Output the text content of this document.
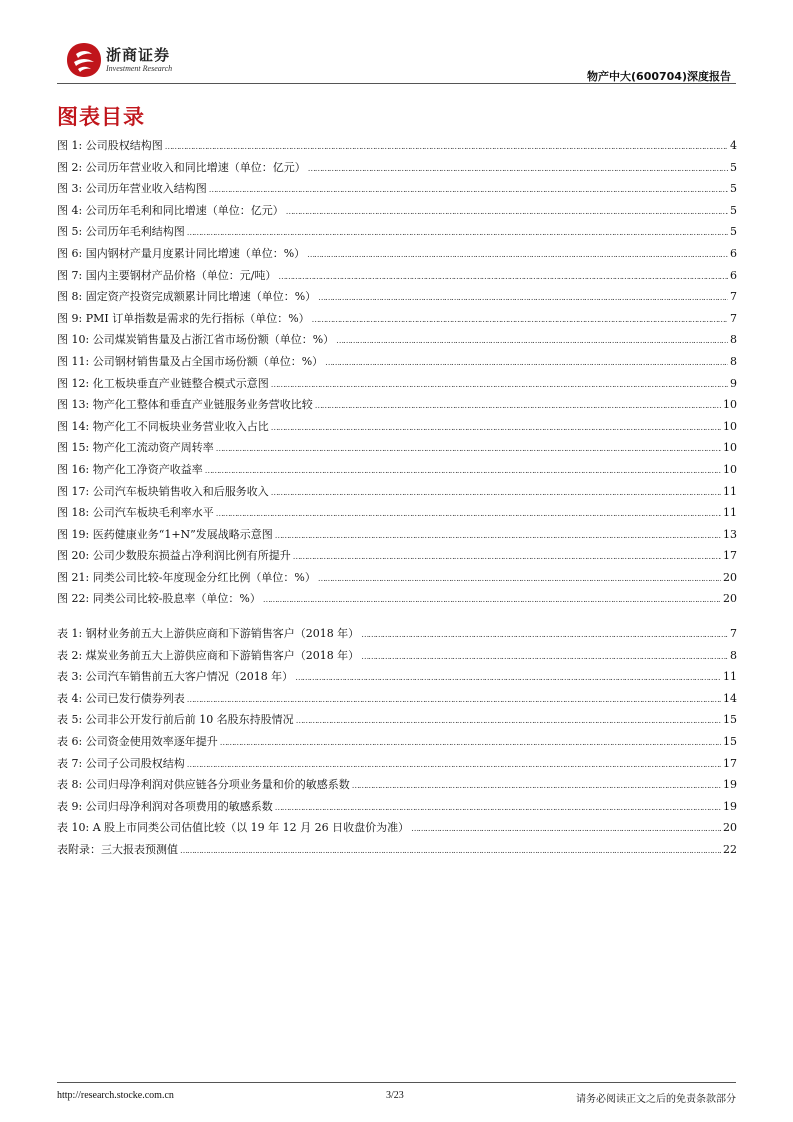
浙商证券
Investment Research
物产中大(600704)深度报告
图表目录
图 1: 公司股权结构图 ……………………………………………………………………………………………………………………………………………………………………………………………………………………………………………………………………………………	4
图 2: 公司历年营业收入和同比增速（单位：亿元） ……………………………………………………………………………………………………………………………………………………………………………………………………………………………………………………………………………………	5
图 3: 公司历年营业收入结构图 ……………………………………………………………………………………………………………………………………………………………………………………………………………………………………………………………………………………	5
图 4: 公司历年毛利和同比增速（单位：亿元） ……………………………………………………………………………………………………………………………………………………………………………………………………………………………………………………………………………………	5
图 5: 公司历年毛利结构图 ……………………………………………………………………………………………………………………………………………………………………………………………………………………………………………………………………………………	5
图 6: 国内钢材产量月度累计同比增速（单位：%） ……………………………………………………………………………………………………………………………………………………………………………………………………………………………………………………………………………………	6
图 7: 国内主要钢材产品价格（单位：元/吨） ……………………………………………………………………………………………………………………………………………………………………………………………………………………………………………………………………………………	6
图 8: 固定资产投资完成额累计同比增速（单位：%） ……………………………………………………………………………………………………………………………………………………………………………………………………………………………………………………………………………………	7
图 9: PMI 订单指数是需求的先行指标（单位：%） ……………………………………………………………………………………………………………………………………………………………………………………………………………………………………………………………………………………	7
图 10: 公司煤炭销售量及占浙江省市场份额（单位：%） ……………………………………………………………………………………………………………………………………………………………………………………………………………………………………………………………………………………	8
图 11: 公司钢材销售量及占全国市场份额（单位：%） ……………………………………………………………………………………………………………………………………………………………………………………………………………………………………………………………………………………	8
图 12: 化工板块垂直产业链整合模式示意图 ……………………………………………………………………………………………………………………………………………………………………………………………………………………………………………………………………………………	9
图 13: 物产化工整体和垂直产业链服务业务营收比较 ……………………………………………………………………………………………………………………………………………………………………………………………………………………………………………………………………………………	10
图 14: 物产化工不同板块业务营业收入占比 ……………………………………………………………………………………………………………………………………………………………………………………………………………………………………………………………………………………	10
图 15: 物产化工流动资产周转率 ……………………………………………………………………………………………………………………………………………………………………………………………………………………………………………………………………………………	10
图 16: 物产化工净资产收益率 ……………………………………………………………………………………………………………………………………………………………………………………………………………………………………………………………………………………	10
图 17: 公司汽车板块销售收入和后服务收入 ……………………………………………………………………………………………………………………………………………………………………………………………………………………………………………………………………………………	11
图 18: 公司汽车板块毛利率水平 ……………………………………………………………………………………………………………………………………………………………………………………………………………………………………………………………………………………	11
图 19: 医药健康业务“1+N”发展战略示意图 ……………………………………………………………………………………………………………………………………………………………………………………………………………………………………………………………………………………	13
图 20: 公司少数股东损益占净利润比例有所提升 ……………………………………………………………………………………………………………………………………………………………………………………………………………………………………………………………………………………	17
图 21: 同类公司比较-年度现金分红比例（单位：%） ……………………………………………………………………………………………………………………………………………………………………………………………………………………………………………………………………………………	20
图 22: 同类公司比较-股息率（单位：%） ……………………………………………………………………………………………………………………………………………………………………………………………………………………………………………………………………………………	20
表 1: 钢材业务前五大上游供应商和下游销售客户（2018 年） ……………………………………………………………………………………………………………………………………………………………………………………………………………………………………………………………………………………	7
表 2: 煤炭业务前五大上游供应商和下游销售客户（2018 年） ……………………………………………………………………………………………………………………………………………………………………………………………………………………………………………………………………………………	8
表 3: 公司汽车销售前五大客户情况（2018 年） ……………………………………………………………………………………………………………………………………………………………………………………………………………………………………………………………………………………	11
表 4: 公司已发行债券列表 ……………………………………………………………………………………………………………………………………………………………………………………………………………………………………………………………………………………	14
表 5: 公司非公开发行前后前 10 名股东持股情况 ……………………………………………………………………………………………………………………………………………………………………………………………………………………………………………………………………………………	15
表 6: 公司资金使用效率逐年提升 ……………………………………………………………………………………………………………………………………………………………………………………………………………………………………………………………………………………	15
表 7: 公司子公司股权结构 ……………………………………………………………………………………………………………………………………………………………………………………………………………………………………………………………………………………	17
表 8: 公司归母净利润对供应链各分项业务量和价的敏感系数 ……………………………………………………………………………………………………………………………………………………………………………………………………………………………………………………………………………………	19
表 9: 公司归母净利润对各项费用的敏感系数 ……………………………………………………………………………………………………………………………………………………………………………………………………………………………………………………………………………………	19
表 10: A 股上市同类公司估值比较（以 19 年 12 月 26 日收盘价为准） ……………………………………………………………………………………………………………………………………………………………………………………………………………………………………………………………………………………	20
表附录：三大报表预测值 ……………………………………………………………………………………………………………………………………………………………………………………………………………………………………………………………………………………	22
http://research.stocke.com.cn	3/23	请务必阅读正文之后的免责条款部分
